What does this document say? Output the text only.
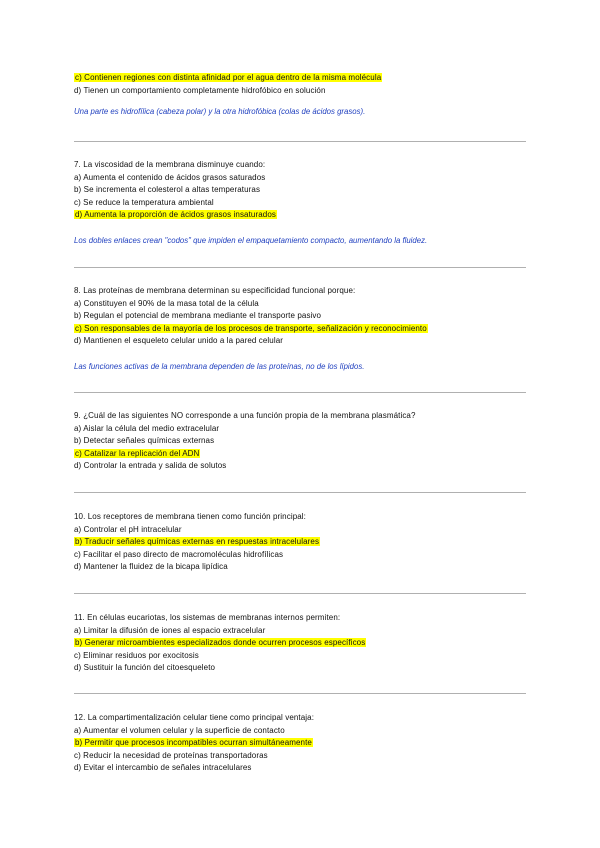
c) Contienen regiones con distinta afinidad por el agua dentro de la misma molécula
d) Tienen un comportamiento completamente hidrofóbico en solución
Una parte es hidrofílica (cabeza polar) y la otra hidrofóbica (colas de ácidos grasos).
7. La viscosidad de la membrana disminuye cuando:
a) Aumenta el contenido de ácidos grasos saturados
b) Se incrementa el colesterol a altas temperaturas
c) Se reduce la temperatura ambiental
d) Aumenta la proporción de ácidos grasos insaturados
Los dobles enlaces crean "codos" que impiden el empaquetamiento compacto, aumentando la fluidez.
8. Las proteínas de membrana determinan su especificidad funcional porque:
a) Constituyen el 90% de la masa total de la célula
b) Regulan el potencial de membrana mediante el transporte pasivo
c) Son responsables de la mayoría de los procesos de transporte, señalización y reconocimiento
d) Mantienen el esqueleto celular unido a la pared celular
Las funciones activas de la membrana dependen de las proteínas, no de los lípidos.
9. ¿Cuál de las siguientes NO corresponde a una función propia de la membrana plasmática?
a) Aislar la célula del medio extracelular
b) Detectar señales químicas externas
c) Catalizar la replicación del ADN
d) Controlar la entrada y salida de solutos
10. Los receptores de membrana tienen como función principal:
a) Controlar el pH intracelular
b) Traducir señales químicas externas en respuestas intracelulares
c) Facilitar el paso directo de macromoléculas hidrofílicas
d) Mantener la fluidez de la bicapa lipídica
11. En células eucariotas, los sistemas de membranas internos permiten:
a) Limitar la difusión de iones al espacio extracelular
b) Generar microambientes especializados donde ocurren procesos específicos
c) Eliminar residuos por exocitosis
d) Sustituir la función del citoesqueleto
12. La compartimentalización celular tiene como principal ventaja:
a) Aumentar el volumen celular y la superficie de contacto
b) Permitir que procesos incompatibles ocurran simultáneamente
c) Reducir la necesidad de proteínas transportadoras
d) Evitar el intercambio de señales intracelulares
